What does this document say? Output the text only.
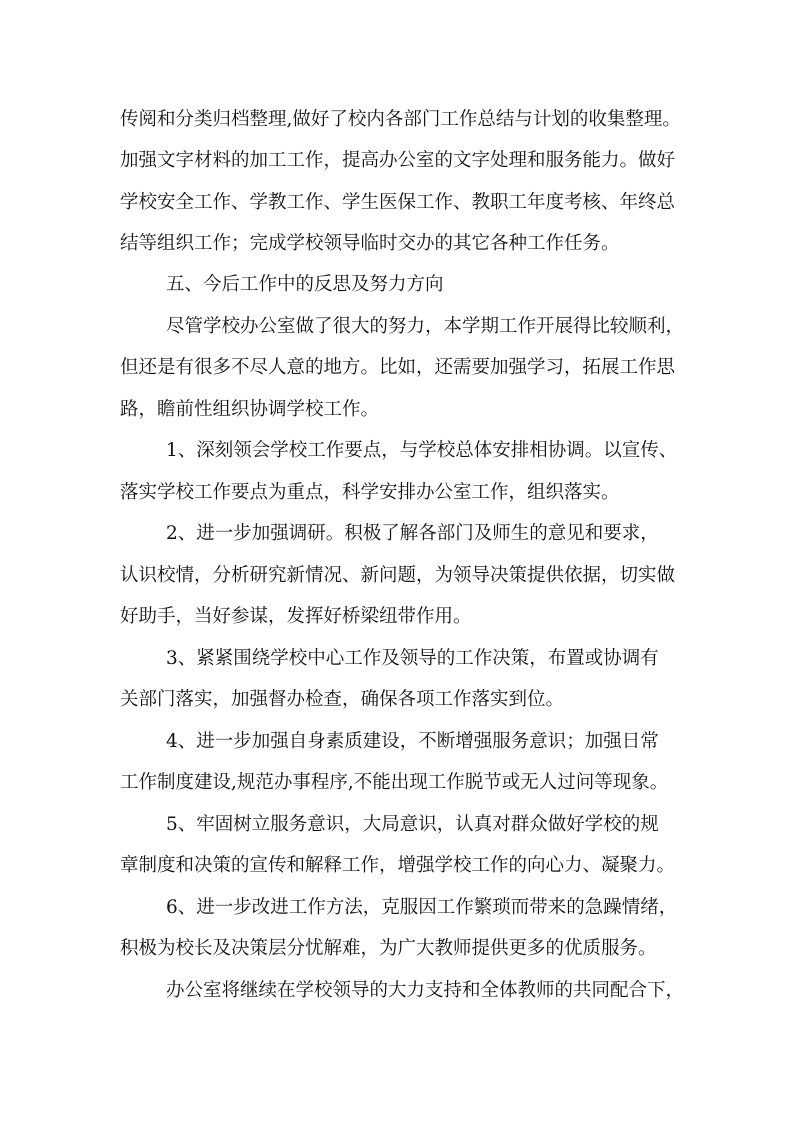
传阅和分类归档整理,做好了校内各部门工作总结与计划的收集整理。
加强文字材料的加工工作，提高办公室的文字处理和服务能力。做好
学校安全工作、学教工作、学生医保工作、教职工年度考核、年终总
结等组织工作；完成学校领导临时交办的其它各种工作任务。
五、今后工作中的反思及努力方向
尽管学校办公室做了很大的努力，本学期工作开展得比较顺利，
但还是有很多不尽人意的地方。比如，还需要加强学习，拓展工作思
路，瞻前性组织协调学校工作。
1、深刻领会学校工作要点，与学校总体安排相协调。以宣传、
落实学校工作要点为重点，科学安排办公室工作，组织落实。
2、进一步加强调研。积极了解各部门及师生的意见和要求，
认识校情，分析研究新情况、新问题，为领导决策提供依据，切实做
好助手，当好参谋，发挥好桥梁纽带作用。
3、紧紧围绕学校中心工作及领导的工作决策，布置或协调有
关部门落实，加强督办检查，确保各项工作落实到位。
4、进一步加强自身素质建设，不断增强服务意识；加强日常
工作制度建设,规范办事程序,不能出现工作脱节或无人过问等现象。
5、牢固树立服务意识，大局意识，认真对群众做好学校的规
章制度和决策的宣传和解释工作，增强学校工作的向心力、凝聚力。
6、进一步改进工作方法，克服因工作繁琐而带来的急躁情绪，
积极为校长及决策层分忧解难，为广大教师提供更多的优质服务。
办公室将继续在学校领导的大力支持和全体教师的共同配合下，
